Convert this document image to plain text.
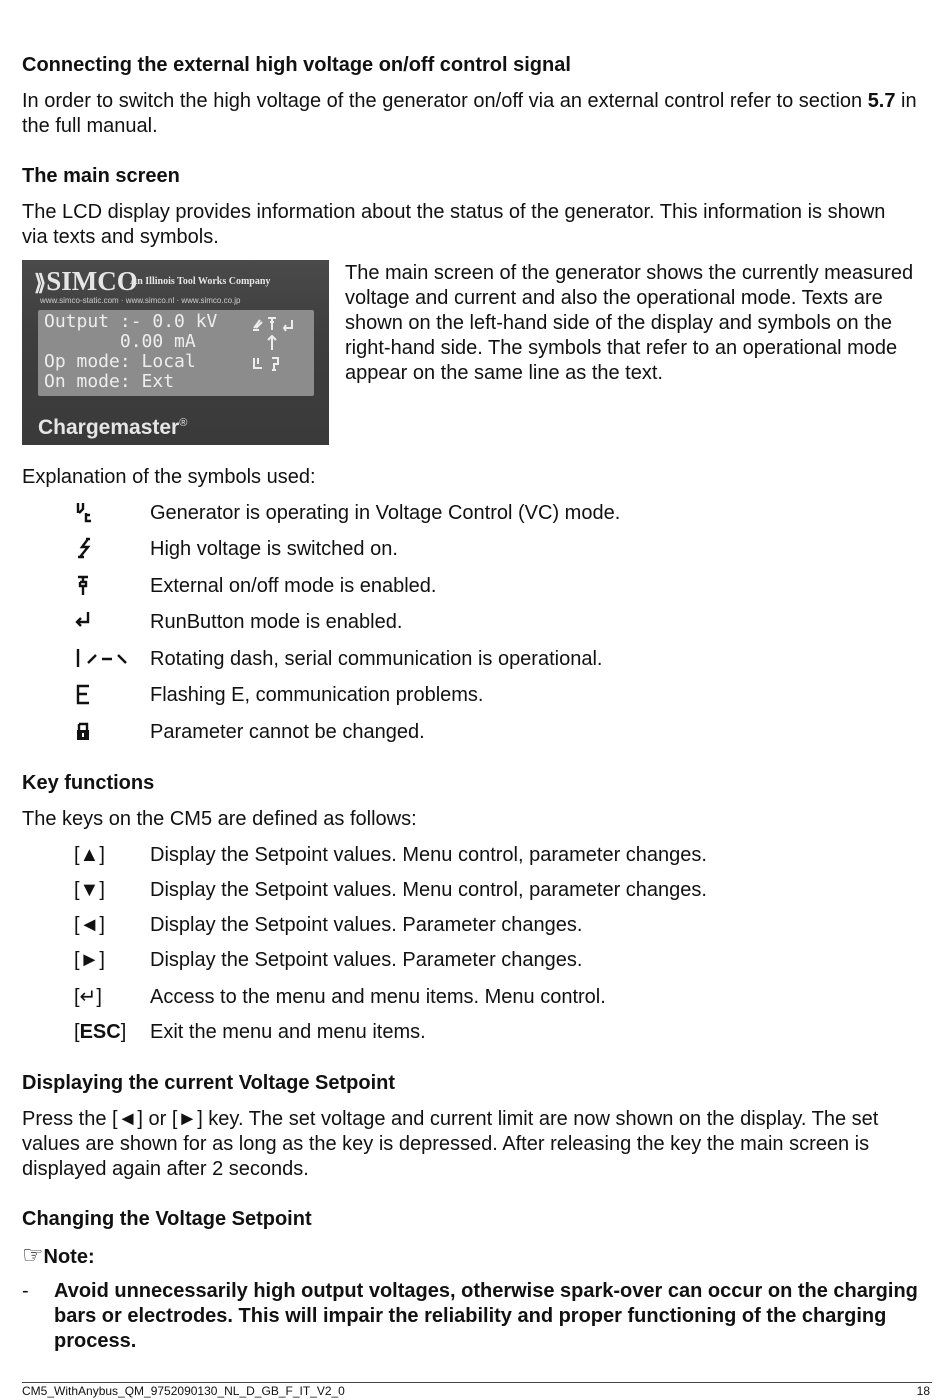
Connecting the external high voltage on/off control signal

In order to switch the high voltage of the generator on/off via an external control refer to section 5.7 in the full manual.

The main screen

The LCD display provides information about the status of the generator. This information is shown via texts and symbols.

⟫SIMCO
An Illinois Tool Works Company
www.simco-static.com · www.simco.nl · www.simco.co.jp
Output :- 0.0 kV
0.00 mA
Op mode: Local
On mode: Ext
Chargemaster®

The main screen of the generator shows the currently measured voltage and current and also the operational mode. Texts are shown on the left-hand side of the display and symbols on the right-hand side. The symbols that refer to an operational mode appear on the same line as the text.

Explanation of the symbols used:

Generator is operating in Voltage Control (VC) mode.
High voltage is switched on.
External on/off mode is enabled.
RunButton mode is enabled.
Rotating dash, serial communication is operational.
Flashing E, communication problems.
Parameter cannot be changed.
Key functions

The keys on the CM5 are defined as follows:

[▲] Display the Setpoint values. Menu control, parameter changes.
[▼] Display the Setpoint values. Menu control, parameter changes.
[◄] Display the Setpoint values. Parameter changes.
[►] Display the Setpoint values. Parameter changes.
[↵] Access to the menu and menu items. Menu control.
[ESC] Exit the menu and menu items.
Displaying the current Voltage Setpoint

Press the [◄] or [►] key. The set voltage and current limit are now shown on the display. The set values are shown for as long as the key is depressed. After releasing the key the main screen is displayed again after 2 seconds.

Changing the Voltage Setpoint
☞Note:
- Avoid unnecessarily high output voltages, otherwise spark-over can occur on the charging bars or electrodes. This will impair the reliability and proper functioning of the charging process.

CM5_WithAnybus_QM_9752090130_NL_D_GB_F_IT_V2_0	18
